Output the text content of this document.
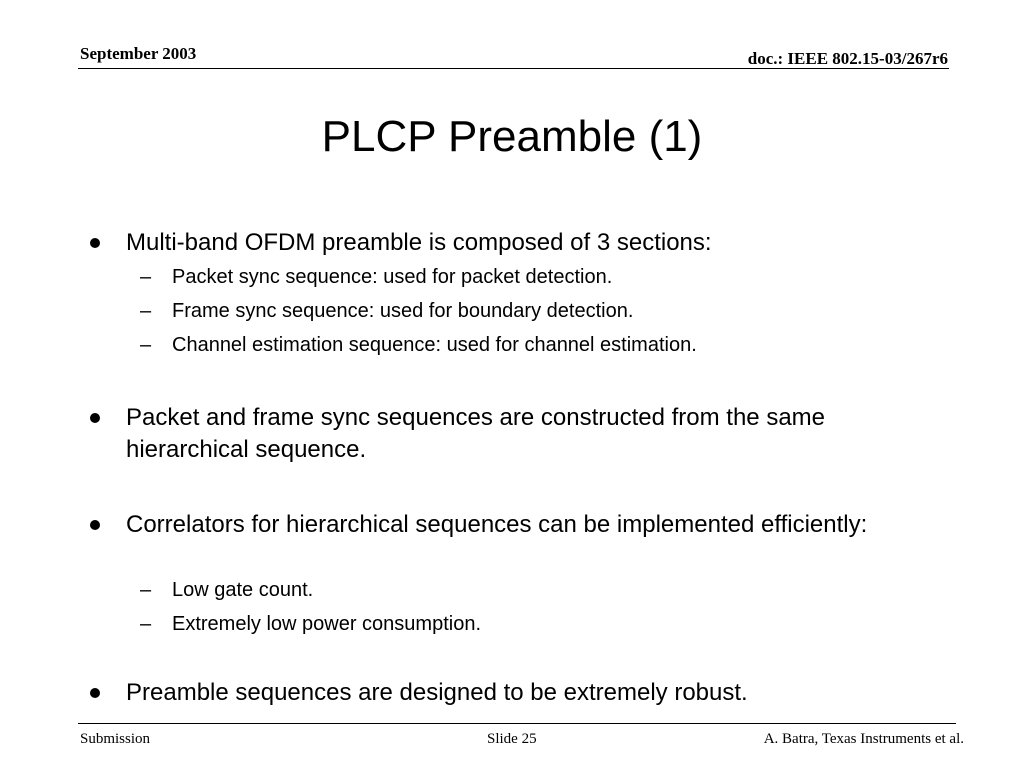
September 2003	doc.: IEEE 802.15-03/267r6
PLCP Preamble (1)
Multi-band OFDM preamble is composed of 3 sections:
– Packet sync sequence: used for packet detection.
– Frame sync sequence: used for boundary detection.
– Channel estimation sequence: used for channel estimation.
Packet and frame sync sequences are constructed from the same hierarchical sequence.
Correlators for hierarchical sequences can be implemented efficiently:
– Low gate count.
– Extremely low power consumption.
Preamble sequences are designed to be extremely robust.
Submission	Slide 25	A. Batra, Texas Instruments et al.
